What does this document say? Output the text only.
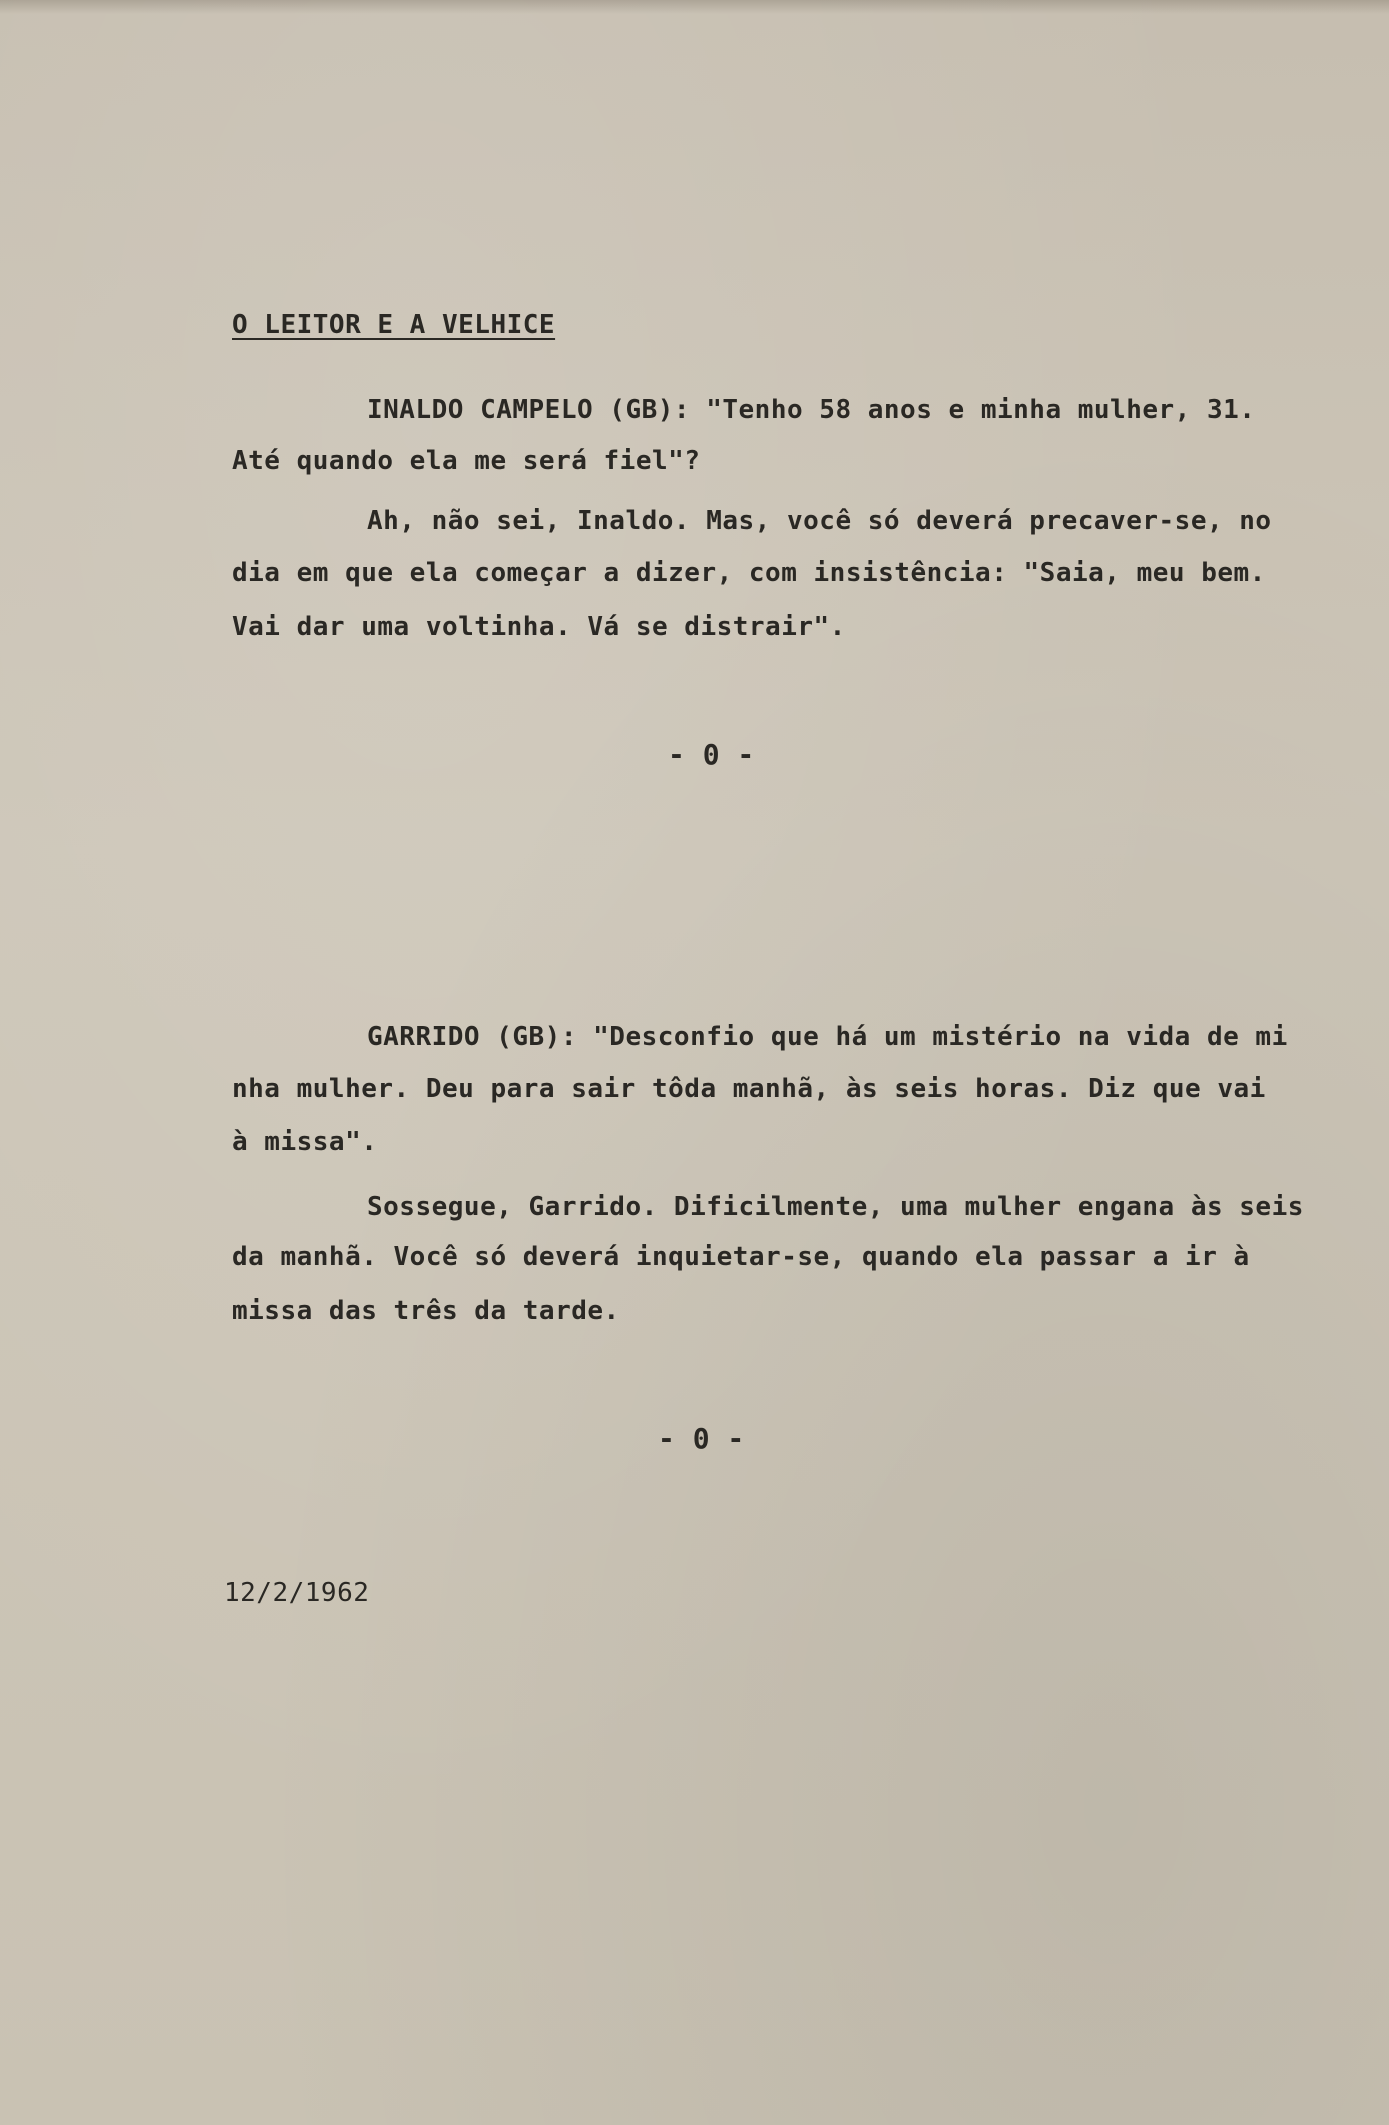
O LEITOR E A VELHICE
INALDO CAMPELO (GB): "Tenho 58 anos e minha mulher, 31.
Até quando ela me será fiel"?
Ah, não sei, Inaldo. Mas, você só deverá precaver-se, no
dia em que ela começar a dizer, com insistência: "Saia, meu bem.
Vai dar uma voltinha. Vá se distrair".
- 0 -
GARRIDO (GB): "Desconfio que há um mistério na vida de mi
nha mulher. Deu para sair tôda manhã, às seis horas. Diz que vai
à missa".
Sossegue, Garrido. Dificilmente, uma mulher engana às seis
da manhã. Você só deverá inquietar-se, quando ela passar a ir à
missa das três da tarde.
- 0 -
12/2/1962
